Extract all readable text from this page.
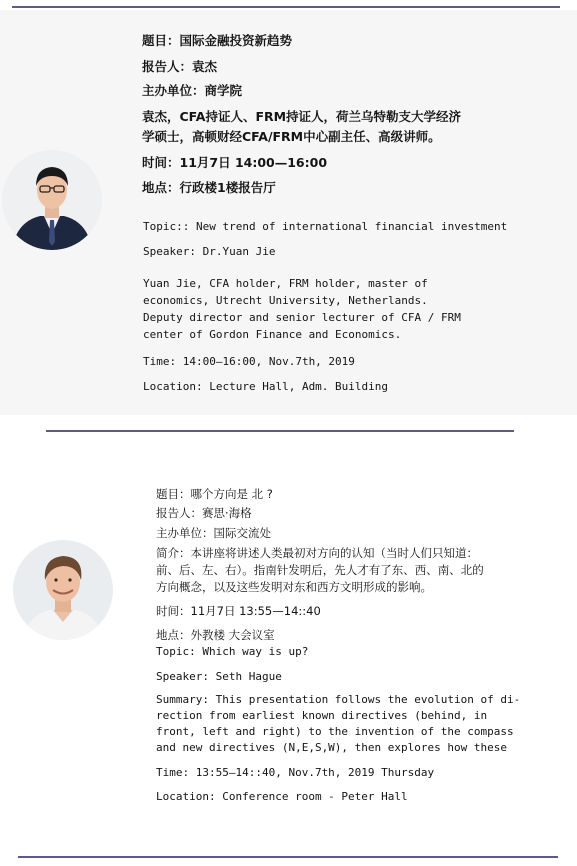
题目：国际金融投资新趋势
报告人：袁杰
主办单位：商学院
袁杰，CFA持证人、FRM持证人，荷兰乌特勒支大学经济
学硕士，高顿财经CFA/FRM中心副主任、高级讲师。
时间：11月7日 14:00—16:00
地点：行政楼1楼报告厅
Topic:: New trend of international financial investment
Speaker: Dr.Yuan Jie
Yuan Jie, CFA holder, FRM holder, master of
economics, Utrecht University, Netherlands.
Deputy director and senior lecturer of CFA / FRM
center of Gordon Finance and Economics.
Time: 14:00—16:00, Nov.7th, 2019
Location: Lecture Hall, Adm. Building
题目：哪个方向是 北 ?
报告人：赛思·海格
主办单位：国际交流处
简介：本讲座将讲述人类最初对方向的认知（当时人们只知道：
前、后、左、右）。指南针发明后，先人才有了东、西、南、北的
方向概念，以及这些发明对东和西方文明形成的影响。
时间：11月7日 13:55—14::40
地点：外教楼 大会议室
Topic: Which way is up?
Speaker: Seth Hague
Summary: This presentation follows the evolution of di-
rection from earliest known directives (behind, in
front, left and right) to the invention of the compass
and new directives (N,E,S,W), then explores how these
Time: 13:55—14::40, Nov.7th, 2019 Thursday
Location: Conference room - Peter Hall
